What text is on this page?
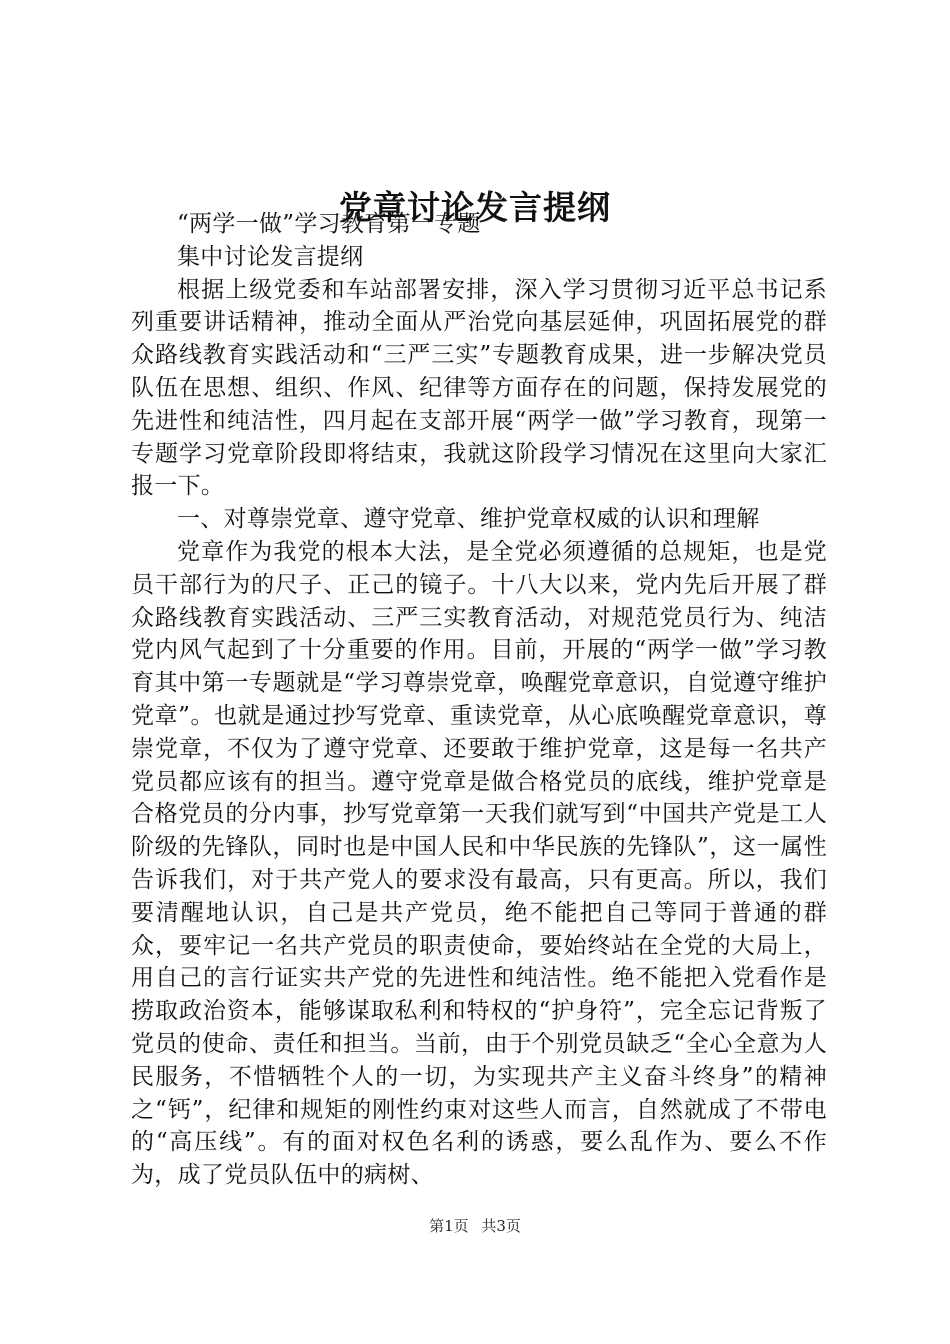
党章讨论发言提纲

“两学一做”学习教育第一专题

集中讨论发言提纲

根据上级党委和车站部署安排，深入学习贯彻习近平总书记系列重要讲话精神，推动全面从严治党向基层延伸，巩固拓展党的群众路线教育实践活动和“三严三实”专题教育成果，进一步解决党员队伍在思想、组织、作风、纪律等方面存在的问题，保持发展党的先进性和纯洁性，四月起在支部开展“两学一做”学习教育，现第一专题学习党章阶段即将结束，我就这阶段学习情况在这里向大家汇报一下。

一、对尊崇党章、遵守党章、维护党章权威的认识和理解

党章作为我党的根本大法，是全党必须遵循的总规矩，也是党员干部行为的尺子、正己的镜子。十八大以来，党内先后开展了群众路线教育实践活动、三严三实教育活动，对规范党员行为、纯洁党内风气起到了十分重要的作用。目前，开展的“两学一做”学习教育其中第一专题就是“学习尊崇党章，唤醒党章意识，自觉遵守维护党章”。也就是通过抄写党章、重读党章，从心底唤醒党章意识，尊崇党章，不仅为了遵守党章、还要敢于维护党章，这是每一名共产党员都应该有的担当。遵守党章是做合格党员的底线，维护党章是合格党员的分内事，抄写党章第一天我们就写到“中国共产党是工人阶级的先锋队，同时也是中国人民和中华民族的先锋队”，这一属性告诉我们，对于共产党人的要求没有最高，只有更高。所以，我们要清醒地认识，自己是共产党员，绝不能把自己等同于普通的群众，要牢记一名共产党员的职责使命，要始终站在全党的大局上，用自己的言行证实共产党的先进性和纯洁性。绝不能把入党看作是捞取政治资本，能够谋取私利和特权的“护身符”，完全忘记背叛了党员的使命、责任和担当。当前，由于个别党员缺乏“全心全意为人民服务，不惜牺牲个人的一切，为实现共产主义奋斗终身”的精神之“钙”，纪律和规矩的刚性约束对这些人而言，自然就成了不带电的“高压线”。有的面对权色名利的诱惑，要么乱作为、要么不作为，成了党员队伍中的病树、

第1页 共3页
